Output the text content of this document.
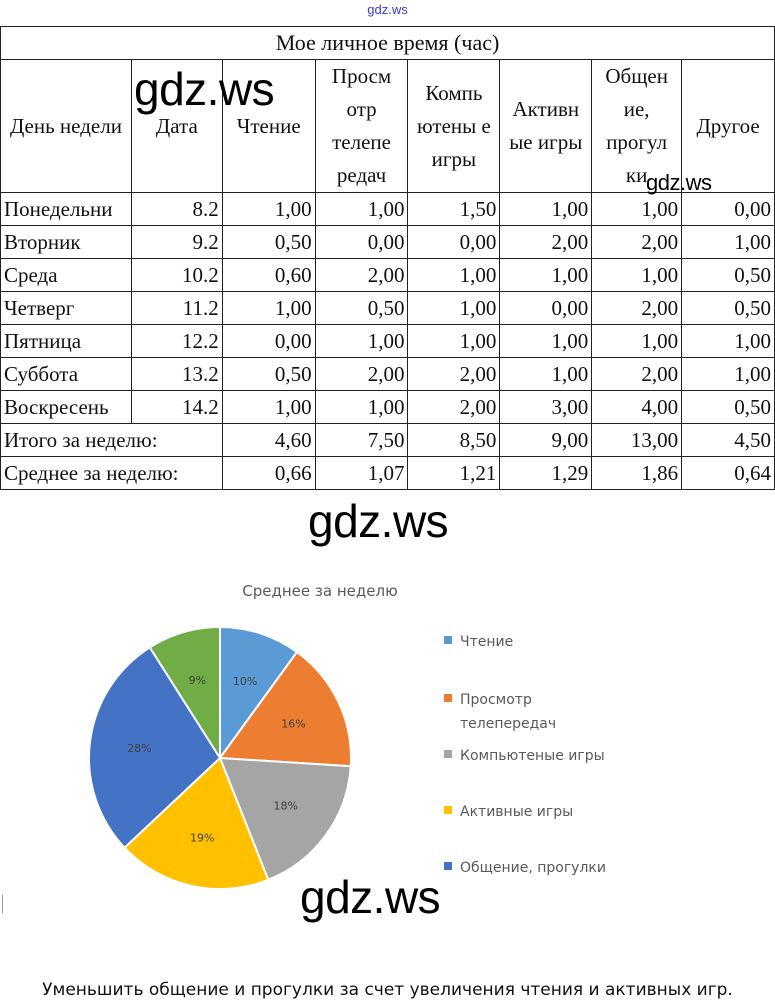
gdz.ws
Мое личное время (час)							
День недели	Дата	Чтение	Просм отр телепе редач	Компь ютены е игры	Активн ые игры	Общен ие, прогул ки	Другое
Понедельни	8.2	1,00	1,00	1,50	1,00	1,00	0,00
Вторник	9.2	0,50	0,00	0,00	2,00	2,00	1,00
Среда	10.2	0,60	2,00	1,00	1,00	1,00	0,50
Четверг	11.2	1,00	0,50	1,00	0,00	2,00	0,50
Пятница	12.2	0,00	1,00	1,00	1,00	1,00	1,00
Суббота	13.2	0,50	2,00	2,00	1,00	2,00	1,00
Воскресень	14.2	1,00	1,00	2,00	3,00	4,00	0,50
Итого за неделю:		4,60	7,50	8,50	9,00	13,00	4,50
Среднее за неделю:		0,66	1,07	1,21	1,29	1,86	0,64
gdz.ws
gdz.ws
gdz.ws
Среднее за неделю
10%
16%
18%
19%
28%
9%
Чтение
Просмотр телепередач
Компьютеные игры
Активные игры
Общение, прогулки
gdz.ws
Уменьшить общение и прогулки за счет увеличения чтения и активных игр.
